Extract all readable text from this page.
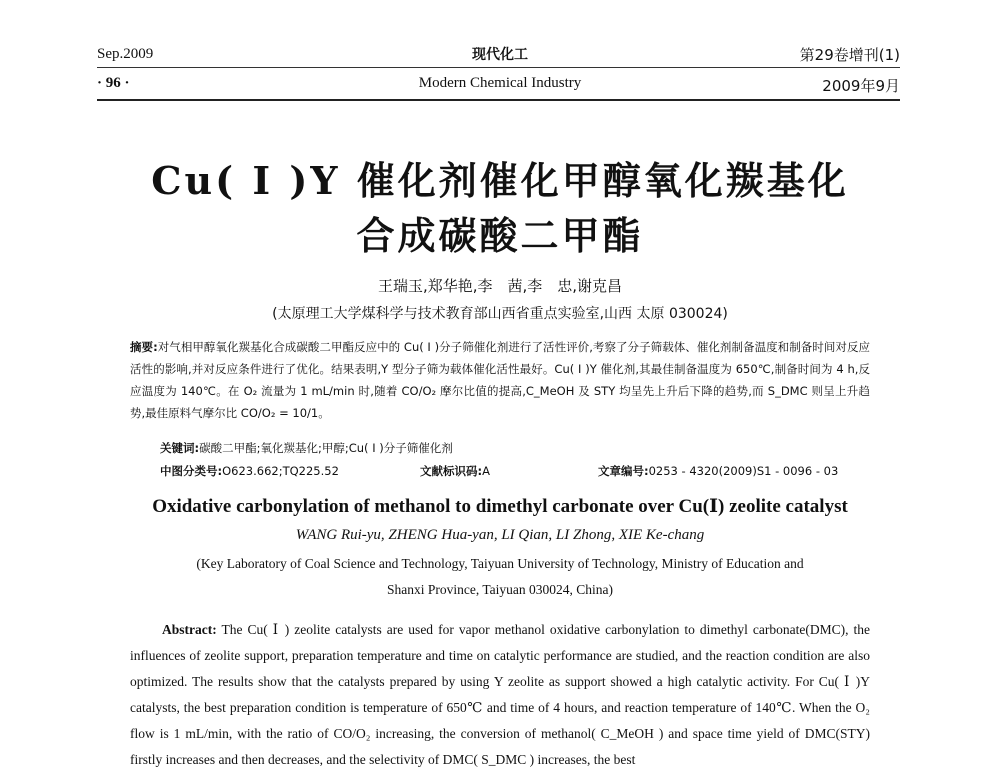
Sep.2009	现代化工	第29卷增刊(1)
· 96 ·	Modern Chemical Industry	2009年9月
Cu( Ⅰ )Y 催化剂催化甲醇氧化羰基化
合成碳酸二甲酯
王瑞玉,郑华艳,李　茜,李　忠,谢克昌
(太原理工大学煤科学与技术教育部山西省重点实验室,山西 太原 030024)
摘要:对气相甲醇氧化羰基化合成碳酸二甲酯反应中的 Cu( Ⅰ )分子筛催化剂进行了活性评价,考察了分子筛载体、催化剂制备温度和制备时间对反应活性的影响,并对反应条件进行了优化。结果表明,Y 型分子筛为载体催化活性最好。Cu( Ⅰ )Y 催化剂,其最佳制备温度为 650℃,制备时间为 4 h,反应温度为 140℃。在 O₂ 流量为 1 mL/min 时,随着 CO/O₂ 摩尔比值的提高,C_MeOH 及 STY 均呈先上升后下降的趋势,而 S_DMC 则呈上升趋势,最佳原料气摩尔比 CO/O₂ = 10/1。
关键词:碳酸二甲酯;氧化羰基化;甲醇;Cu( Ⅰ )分子筛催化剂
中图分类号:O623.662;TQ225.52	文献标识码:A	文章编号:0253 - 4320(2009)S1 - 0096 - 03
Oxidative carbonylation of methanol to dimethyl carbonate over Cu(Ⅰ) zeolite catalyst
WANG Rui-yu, ZHENG Hua-yan, LI Qian, LI Zhong, XIE Ke-chang
(Key Laboratory of Coal Science and Technology, Taiyuan University of Technology, Ministry of Education and
Shanxi Province, Taiyuan 030024, China)
Abstract: The Cu( Ⅰ ) zeolite catalysts are used for vapor methanol oxidative carbonylation to dimethyl carbonate(DMC), the influences of zeolite support, preparation temperature and time on catalytic performance are studied, and the reaction condition are also optimized. The results show that the catalysts prepared by using Y zeolite as support showed a high catalytic activity. For Cu( Ⅰ )Y catalysts, the best preparation condition is temperature of 650℃ and time of 4 hours, and reaction temperature of 140℃. When the O₂ flow is 1 mL/min, with the ratio of CO/O₂ increasing, the conversion of methanol( C_MeOH ) and space time yield of DMC(STY) firstly increases and then decreases, and the selectivity of DMC( S_DMC ) increases, the best
